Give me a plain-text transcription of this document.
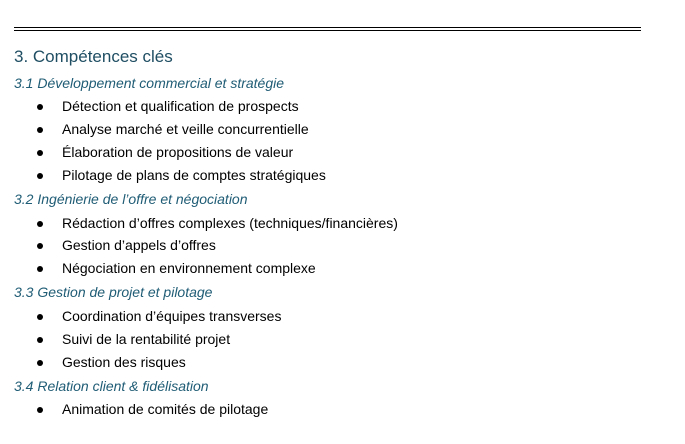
3. Compétences clés
3.1 Développement commercial et stratégie
Détection et qualification de prospects
Analyse marché et veille concurrentielle
Élaboration de propositions de valeur
Pilotage de plans de comptes stratégiques
3.2 Ingénierie de l’offre et négociation
Rédaction d’offres complexes (techniques/financières)
Gestion d’appels d’offres
Négociation en environnement complexe
3.3 Gestion de projet et pilotage
Coordination d’équipes transverses
Suivi de la rentabilité projet
Gestion des risques
3.4 Relation client & fidélisation
Animation de comités de pilotage
